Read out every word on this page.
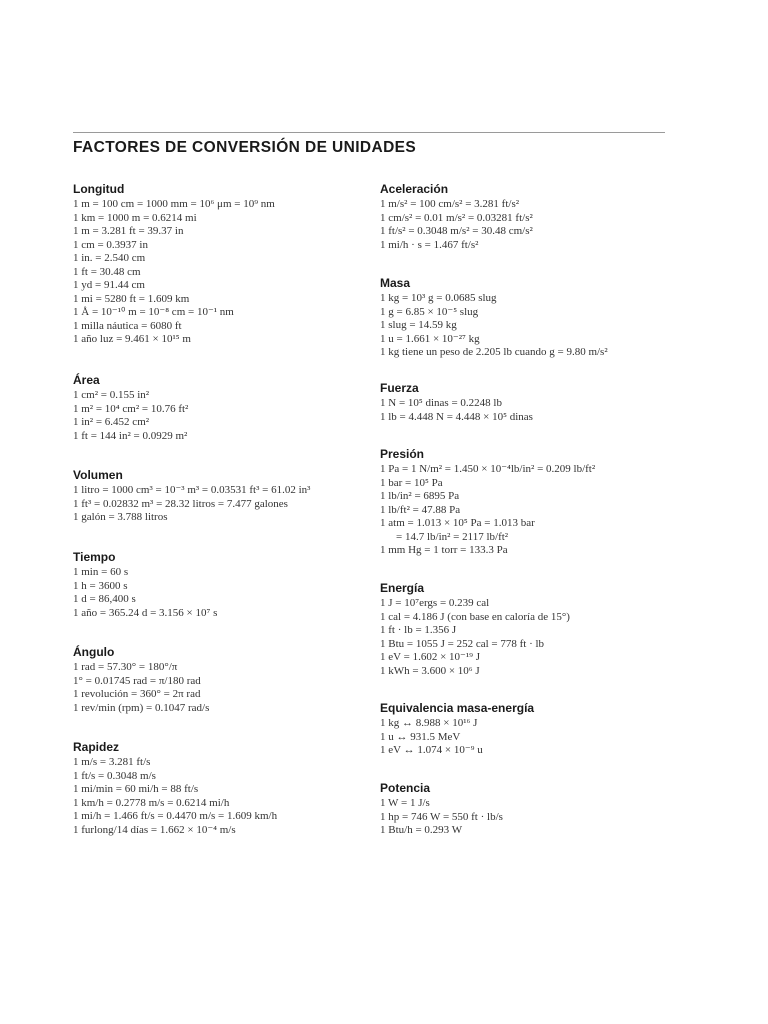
FACTORES DE CONVERSIÓN DE UNIDADES
Longitud
1 m = 100 cm = 1000 mm = 10⁶ μm = 10⁹ nm
1 km = 1000 m = 0.6214 mi
1 m = 3.281 ft = 39.37 in
1 cm = 0.3937 in
1 in. = 2.540 cm
1 ft = 30.48 cm
1 yd = 91.44 cm
1 mi = 5280 ft = 1.609 km
1 Å = 10⁻¹⁰ m = 10⁻⁸ cm = 10⁻¹ nm
1 milla náutica = 6080 ft
1 año luz = 9.461 × 10¹⁵ m
Área
1 cm² = 0.155 in²
1 m² = 10⁴ cm² = 10.76 ft²
1 in² = 6.452 cm²
1 ft = 144 in² = 0.0929 m²
Volumen
1 litro = 1000 cm³ = 10⁻³ m³ = 0.03531 ft³ = 61.02 in³
1 ft³ = 0.02832 m³ = 28.32 litros = 7.477 galones
1 galón = 3.788 litros
Tiempo
1 min = 60 s
1 h = 3600 s
1 d = 86,400 s
1 año = 365.24 d = 3.156 × 10⁷ s
Ángulo
1 rad = 57.30° = 180°/π
1° = 0.01745 rad = π/180 rad
1 revolución = 360° = 2π rad
1 rev/min (rpm) = 0.1047 rad/s
Rapidez
1 m/s = 3.281 ft/s
1 ft/s = 0.3048 m/s
1 mi/min = 60 mi/h = 88 ft/s
1 km/h = 0.2778 m/s = 0.6214 mi/h
1 mi/h = 1.466 ft/s = 0.4470 m/s = 1.609 km/h
1 furlong/14 días = 1.662 × 10⁻⁴ m/s
Aceleración
1 m/s² = 100 cm/s² = 3.281 ft/s²
1 cm/s² = 0.01 m/s² = 0.03281 ft/s²
1 ft/s² = 0.3048 m/s² = 30.48 cm/s²
1 mi/h · s = 1.467 ft/s²
Masa
1 kg = 10³ g = 0.0685 slug
1 g = 6.85 × 10⁻⁵ slug
1 slug = 14.59 kg
1 u = 1.661 × 10⁻²⁷ kg
1 kg tiene un peso de 2.205 lb cuando g = 9.80 m/s²
Fuerza
1 N = 10⁵ dinas = 0.2248 lb
1 lb = 4.448 N = 4.448 × 10⁵ dinas
Presión
1 Pa = 1 N/m² = 1.450 × 10⁻⁴lb/in² = 0.209 lb/ft²
1 bar = 10⁵ Pa
1 lb/in² = 6895 Pa
1 lb/ft² = 47.88 Pa
1 atm = 1.013 × 10⁵ Pa = 1.013 bar
= 14.7 lb/in² = 2117 lb/ft²
1 mm Hg = 1 torr = 133.3 Pa
Energía
1 J = 10⁷ergs = 0.239 cal
1 cal = 4.186 J (con base en caloría de 15°)
1 ft · lb = 1.356 J
1 Btu = 1055 J = 252 cal = 778 ft · lb
1 eV = 1.602 × 10⁻¹⁹ J
1 kWh = 3.600 × 10⁶ J
Equivalencia masa-energía
1 kg ↔ 8.988 × 10¹⁶ J
1 u ↔ 931.5 MeV
1 eV ↔ 1.074 × 10⁻⁹ u
Potencia
1 W = 1 J/s
1 hp = 746 W = 550 ft · lb/s
1 Btu/h = 0.293 W
